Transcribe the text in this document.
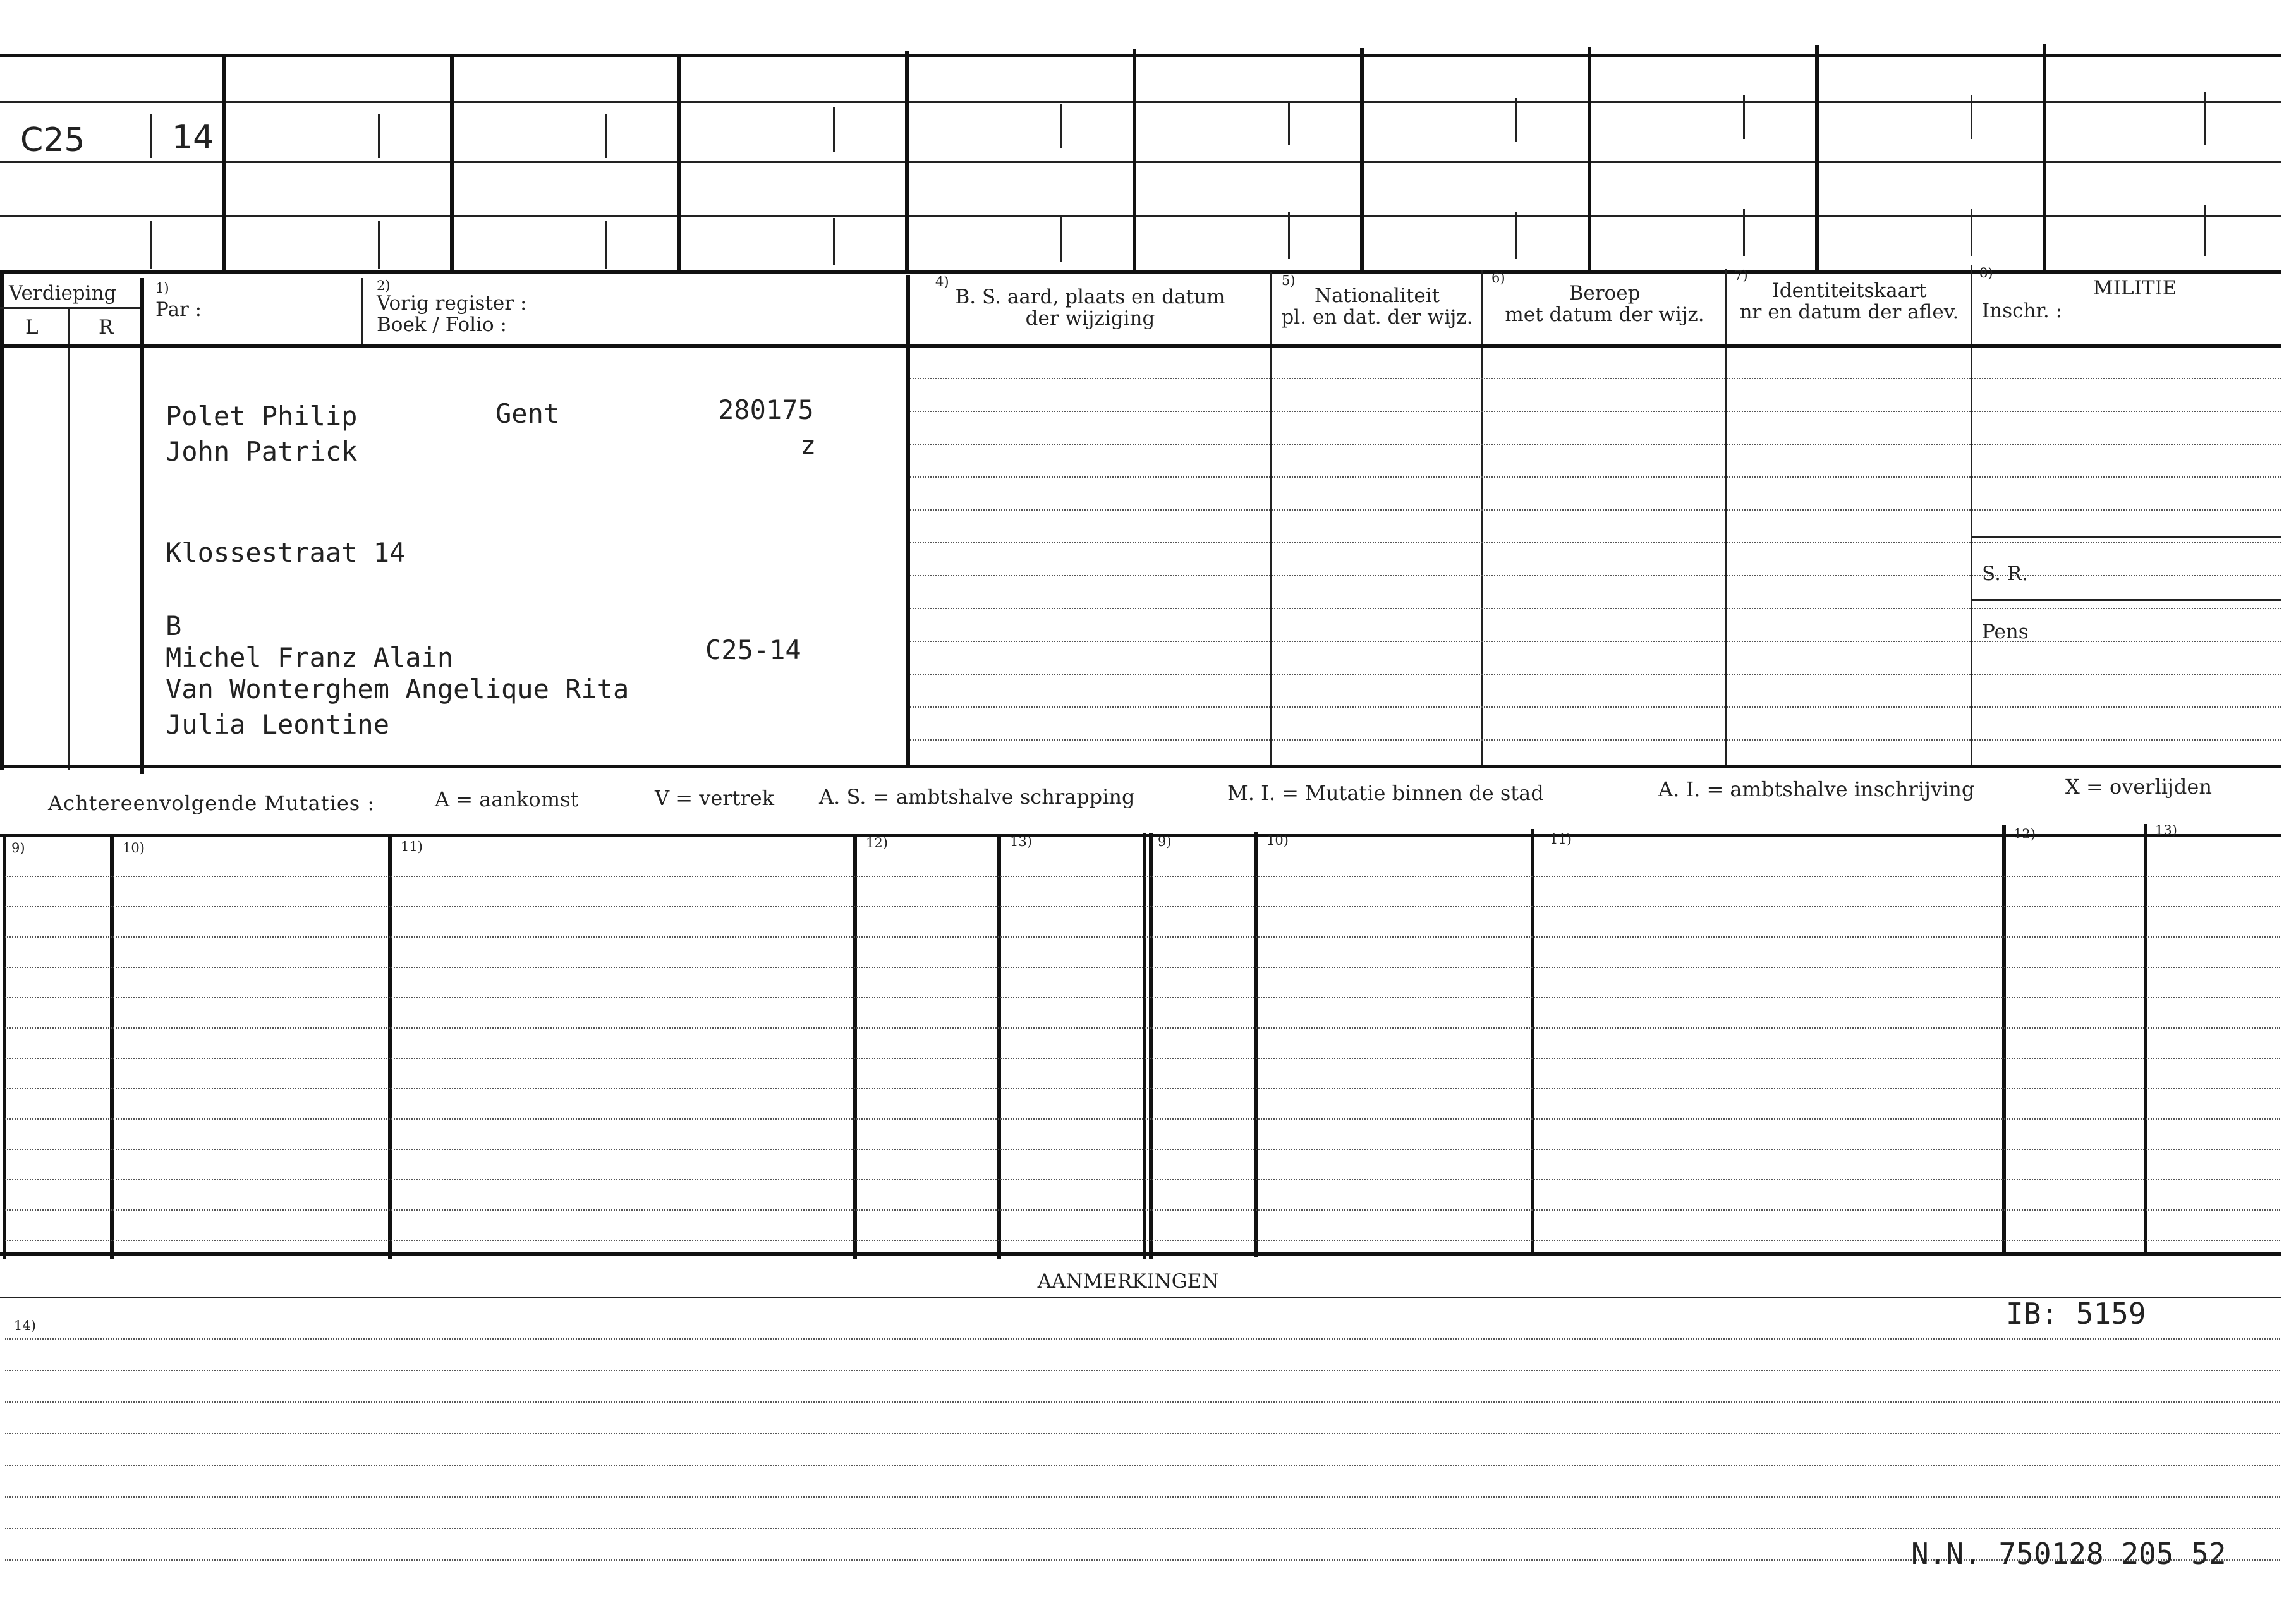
C25	14
Verdieping
L	R
1)
Par :
2)
Vorig register :
Boek / Folio :
4)
B. S. aard, plaats en datum
der wijziging
5)
Nationaliteit
pl. en dat. der wijz.
6)
Beroep
met datum der wijz.
7)
Identiteitskaart
nr en datum der aflev.
8)
MILITIE
Inschr. :
Polet Philip	Gent	280175
John Patrick	z
Klossestraat 14
B
Michel Franz Alain	C25-14
Van Wonterghem Angelique Rita
Julia Leontine
S. R.
Pens
Achtereenvolgende Mutaties :	A = aankomst	V = vertrek A. S. = ambtshalve schrapping	M. I. = Mutatie binnen de stad	A. I. = ambtshalve inschrijving	X = overlijden
9)	10)	11)	12)	13)	9)	10)	11)	12)	13)
AANMERKINGEN
14)	IB: 5159
N.N. 750128 205 52
